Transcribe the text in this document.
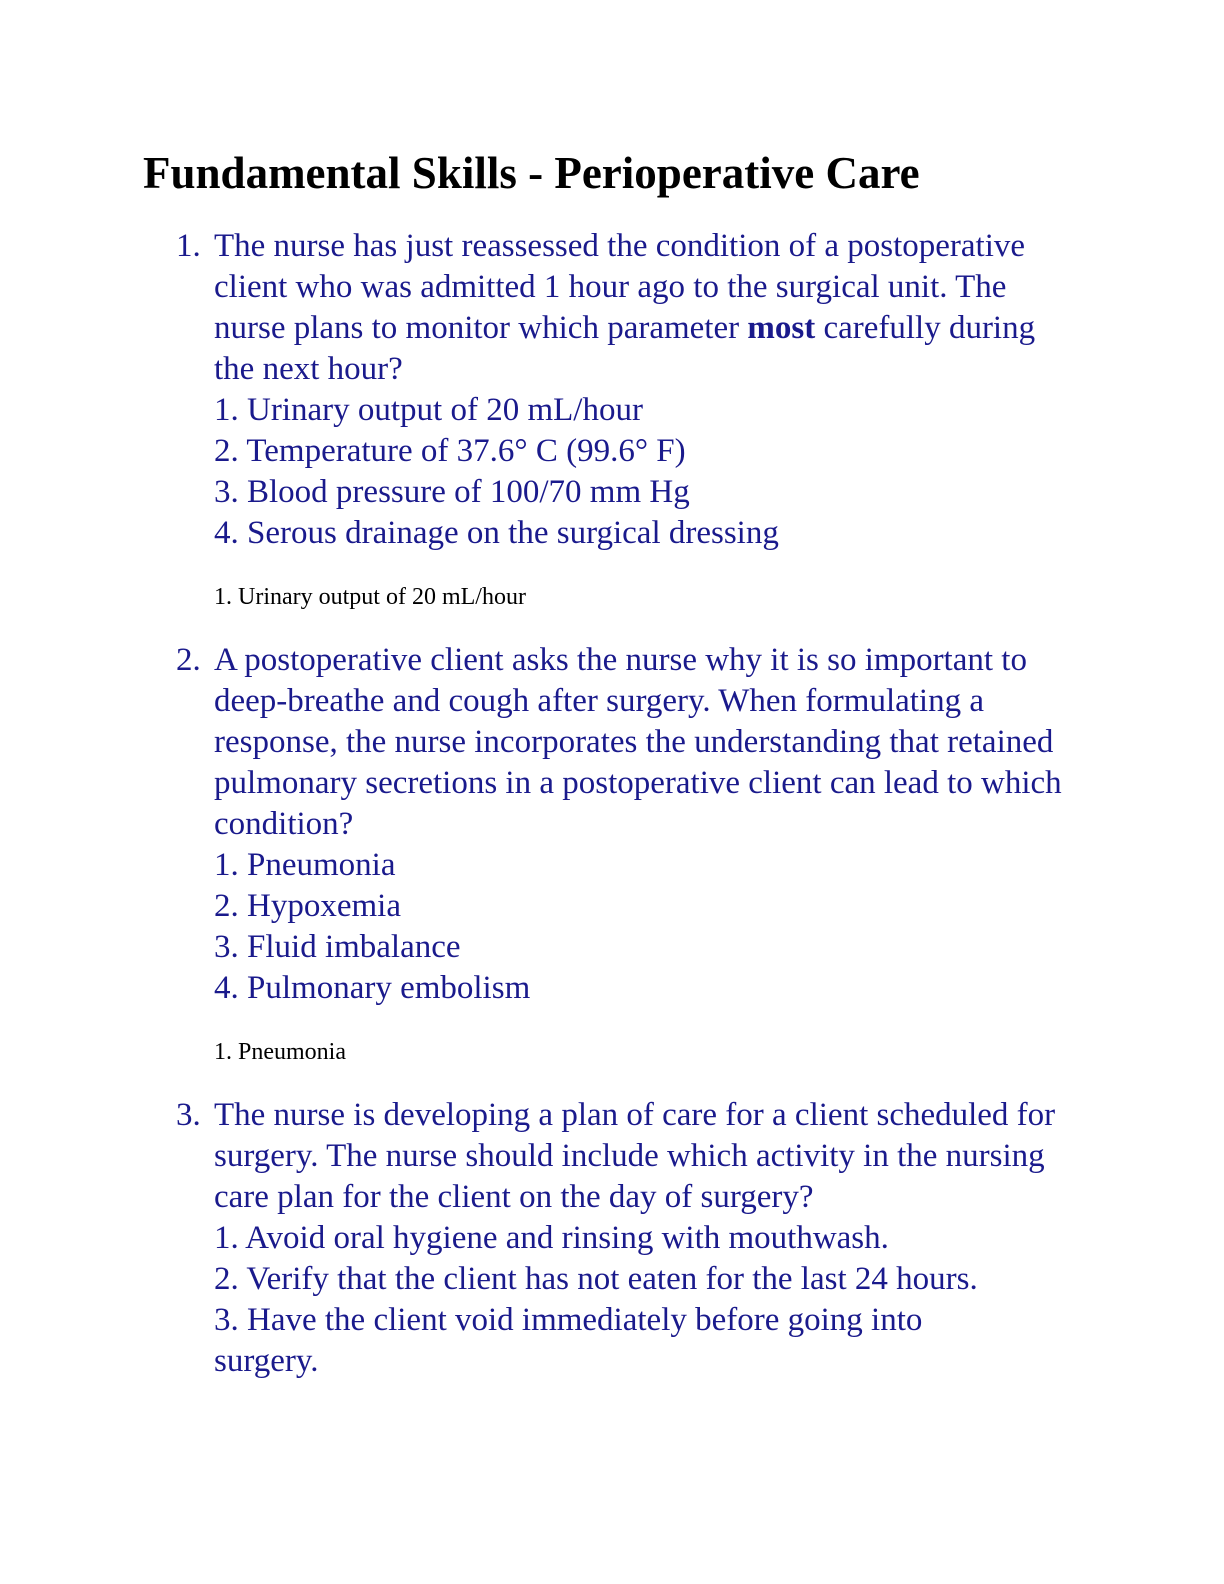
Fundamental Skills - Perioperative Care
1. The nurse has just reassessed the condition of a postoperative client who was admitted 1 hour ago to the surgical unit. The nurse plans to monitor which parameter most carefully during the next hour?
1. Urinary output of 20 mL/hour
2. Temperature of 37.6° C (99.6° F)
3. Blood pressure of 100/70 mm Hg
4. Serous drainage on the surgical dressing
1. Urinary output of 20 mL/hour
2. A postoperative client asks the nurse why it is so important to deep-breathe and cough after surgery. When formulating a response, the nurse incorporates the understanding that retained pulmonary secretions in a postoperative client can lead to which condition?
1. Pneumonia
2. Hypoxemia
3. Fluid imbalance
4. Pulmonary embolism
1. Pneumonia
3. The nurse is developing a plan of care for a client scheduled for surgery. The nurse should include which activity in the nursing care plan for the client on the day of surgery?
1. Avoid oral hygiene and rinsing with mouthwash.
2. Verify that the client has not eaten for the last 24 hours.
3. Have the client void immediately before going into surgery.
